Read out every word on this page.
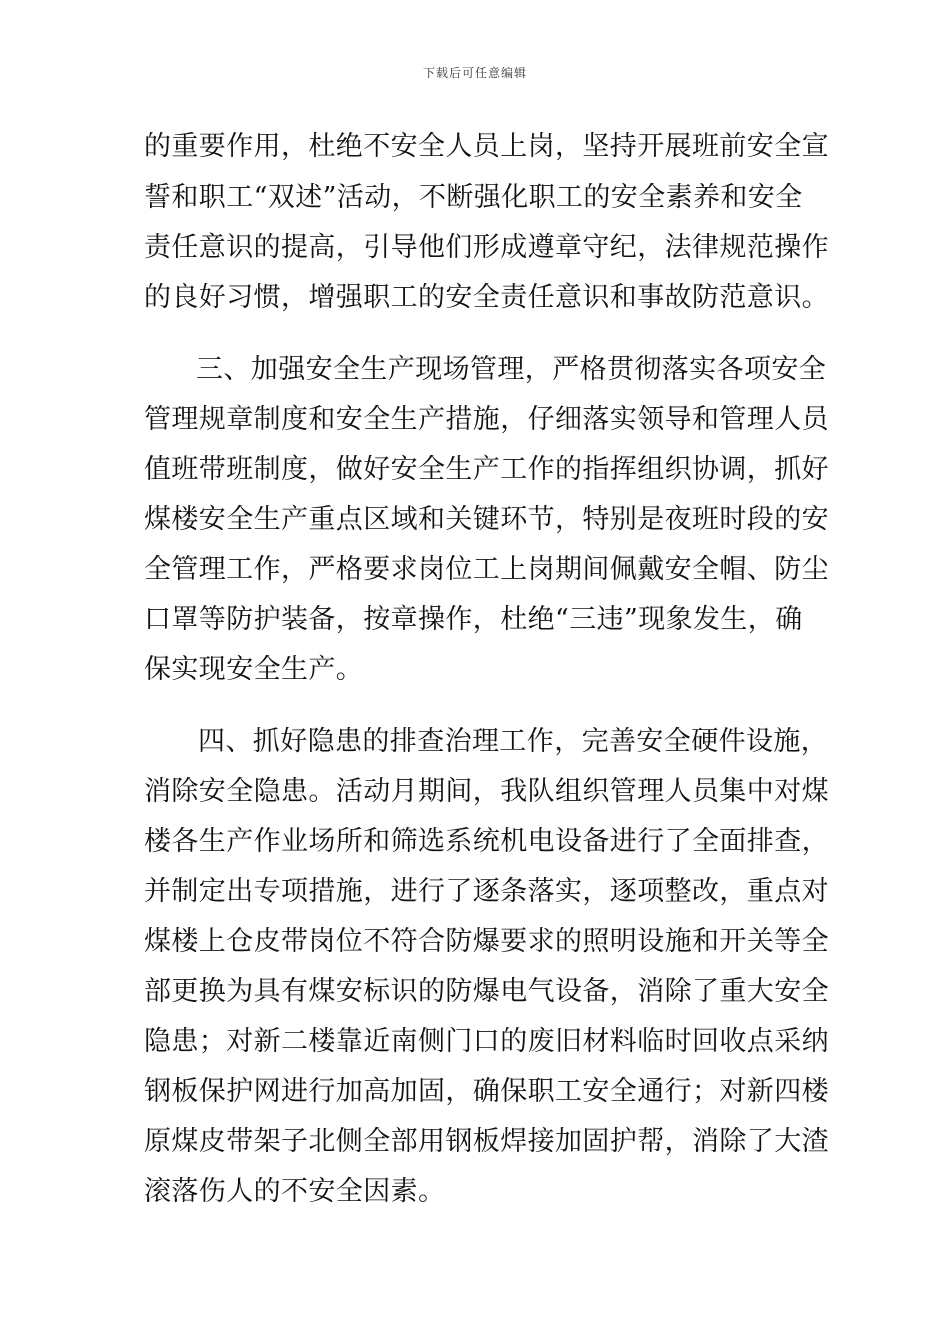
下载后可任意编辑
的重要作用，杜绝不安全人员上岗，坚持开展班前安全宣
誓和职工“双述”活动，不断强化职工的安全素养和安全
责任意识的提高，引导他们形成遵章守纪，法律规范操作
的良好习惯，增强职工的安全责任意识和事故防范意识。
三、加强安全生产现场管理，严格贯彻落实各项安全
管理规章制度和安全生产措施，仔细落实领导和管理人员
值班带班制度，做好安全生产工作的指挥组织协调，抓好
煤楼安全生产重点区域和关键环节，特别是夜班时段的安
全管理工作，严格要求岗位工上岗期间佩戴安全帽、防尘
口罩等防护装备，按章操作，杜绝“三违”现象发生，确
保实现安全生产。
四、抓好隐患的排查治理工作，完善安全硬件设施，
消除安全隐患。活动月期间，我队组织管理人员集中对煤
楼各生产作业场所和筛选系统机电设备进行了全面排查，
并制定出专项措施，进行了逐条落实，逐项整改，重点对
煤楼上仓皮带岗位不符合防爆要求的照明设施和开关等全
部更换为具有煤安标识的防爆电气设备，消除了重大安全
隐患；对新二楼靠近南侧门口的废旧材料临时回收点采纳
钢板保护网进行加高加固，确保职工安全通行；对新四楼
原煤皮带架子北侧全部用钢板焊接加固护帮，消除了大渣
滚落伤人的不安全因素。
